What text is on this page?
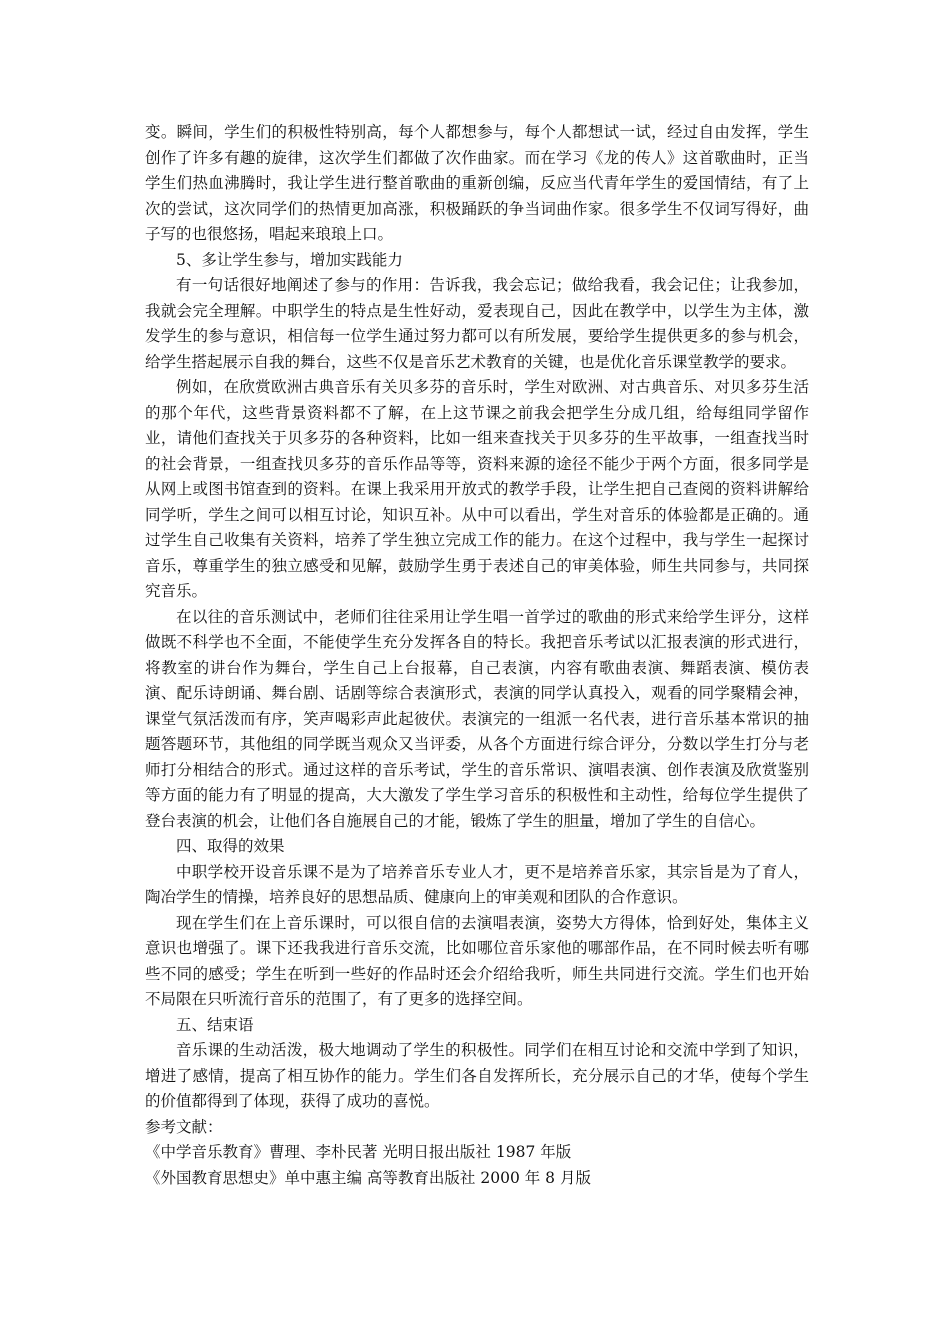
变。瞬间，学生们的积极性特别高，每个人都想参与，每个人都想试一试，经过自由发挥，学生创作了许多有趣的旋律，这次学生们都做了次作曲家。而在学习《龙的传人》这首歌曲时，正当学生们热血沸腾时，我让学生进行整首歌曲的重新创编，反应当代青年学生的爱国情结，有了上次的尝试，这次同学们的热情更加高涨，积极踊跃的争当词曲作家。很多学生不仅词写得好，曲子写的也很悠扬，唱起来琅琅上口。

5、多让学生参与，增加实践能力

有一句话很好地阐述了参与的作用：告诉我，我会忘记；做给我看，我会记住；让我参加，我就会完全理解。中职学生的特点是生性好动，爱表现自己，因此在教学中，以学生为主体，激发学生的参与意识，相信每一位学生通过努力都可以有所发展，要给学生提供更多的参与机会，给学生搭起展示自我的舞台，这些不仅是音乐艺术教育的关键，也是优化音乐课堂教学的要求。

例如，在欣赏欧洲古典音乐有关贝多芬的音乐时，学生对欧洲、对古典音乐、对贝多芬生活的那个年代，这些背景资料都不了解，在上这节课之前我会把学生分成几组，给每组同学留作业，请他们查找关于贝多芬的各种资料，比如一组来查找关于贝多芬的生平故事，一组查找当时的社会背景，一组查找贝多芬的音乐作品等等，资料来源的途径不能少于两个方面，很多同学是从网上或图书馆查到的资料。在课上我采用开放式的教学手段，让学生把自己查阅的资料讲解给同学听，学生之间可以相互讨论，知识互补。从中可以看出，学生对音乐的体验都是正确的。通过学生自己收集有关资料，培养了学生独立完成工作的能力。在这个过程中，我与学生一起探讨音乐，尊重学生的独立感受和见解，鼓励学生勇于表述自己的审美体验，师生共同参与，共同探究音乐。

在以往的音乐测试中，老师们往往采用让学生唱一首学过的歌曲的形式来给学生评分，这样做既不科学也不全面，不能使学生充分发挥各自的特长。我把音乐考试以汇报表演的形式进行，将教室的讲台作为舞台，学生自己上台报幕，自己表演，内容有歌曲表演、舞蹈表演、模仿表演、配乐诗朗诵、舞台剧、话剧等综合表演形式，表演的同学认真投入，观看的同学聚精会神，课堂气氛活泼而有序，笑声喝彩声此起彼伏。表演完的一组派一名代表，进行音乐基本常识的抽题答题环节，其他组的同学既当观众又当评委，从各个方面进行综合评分，分数以学生打分与老师打分相结合的形式。通过这样的音乐考试，学生的音乐常识、演唱表演、创作表演及欣赏鉴别等方面的能力有了明显的提高，大大激发了学生学习音乐的积极性和主动性，给每位学生提供了登台表演的机会，让他们各自施展自己的才能，锻炼了学生的胆量，增加了学生的自信心。

四、取得的效果

中职学校开设音乐课不是为了培养音乐专业人才，更不是培养音乐家，其宗旨是为了育人，陶冶学生的情操，培养良好的思想品质、健康向上的审美观和团队的合作意识。

现在学生们在上音乐课时，可以很自信的去演唱表演，姿势大方得体，恰到好处，集体主义意识也增强了。课下还我我进行音乐交流，比如哪位音乐家他的哪部作品，在不同时候去听有哪些不同的感受；学生在听到一些好的作品时还会介绍给我听，师生共同进行交流。学生们也开始不局限在只听流行音乐的范围了，有了更多的选择空间。

五、结束语

音乐课的生动活泼，极大地调动了学生的积极性。同学们在相互讨论和交流中学到了知识，增进了感情，提高了相互协作的能力。学生们各自发挥所长，充分展示自己的才华，使每个学生的价值都得到了体现，获得了成功的喜悦。

参考文献：

《中学音乐教育》曹理、李朴民著 光明日报出版社 1987 年版

《外国教育思想史》单中惠主编 高等教育出版社 2000 年 8 月版
